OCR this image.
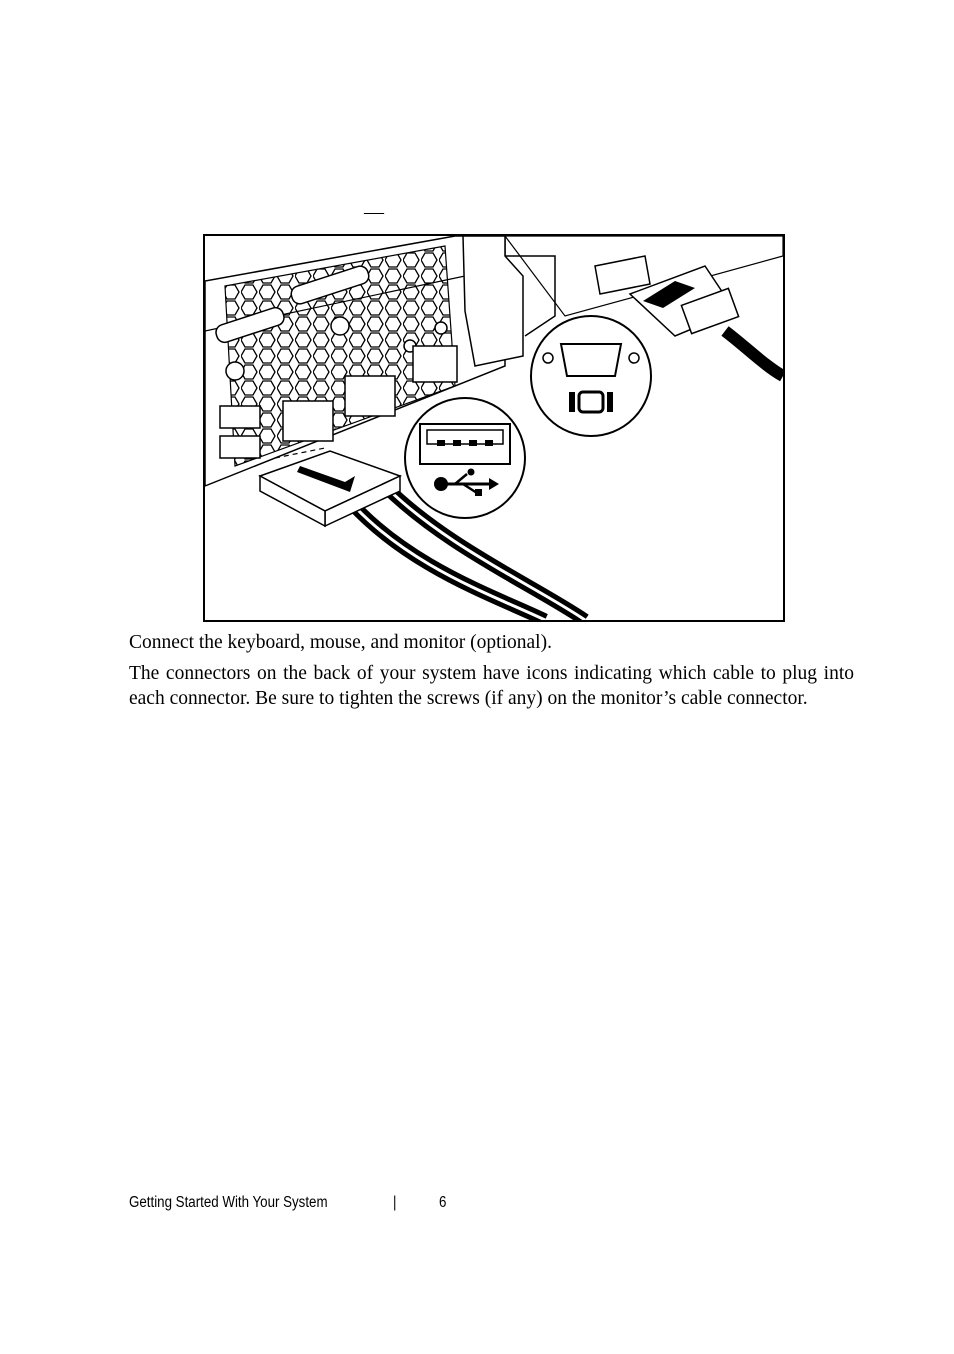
—

Connect the keyboard, mouse, and monitor (optional).

The connectors on the back of your system have icons indicating which cable to plug into each connector. Be sure to tighten the screws (if any) on the monitor’s cable connector.

Getting Started With Your System	|	6
